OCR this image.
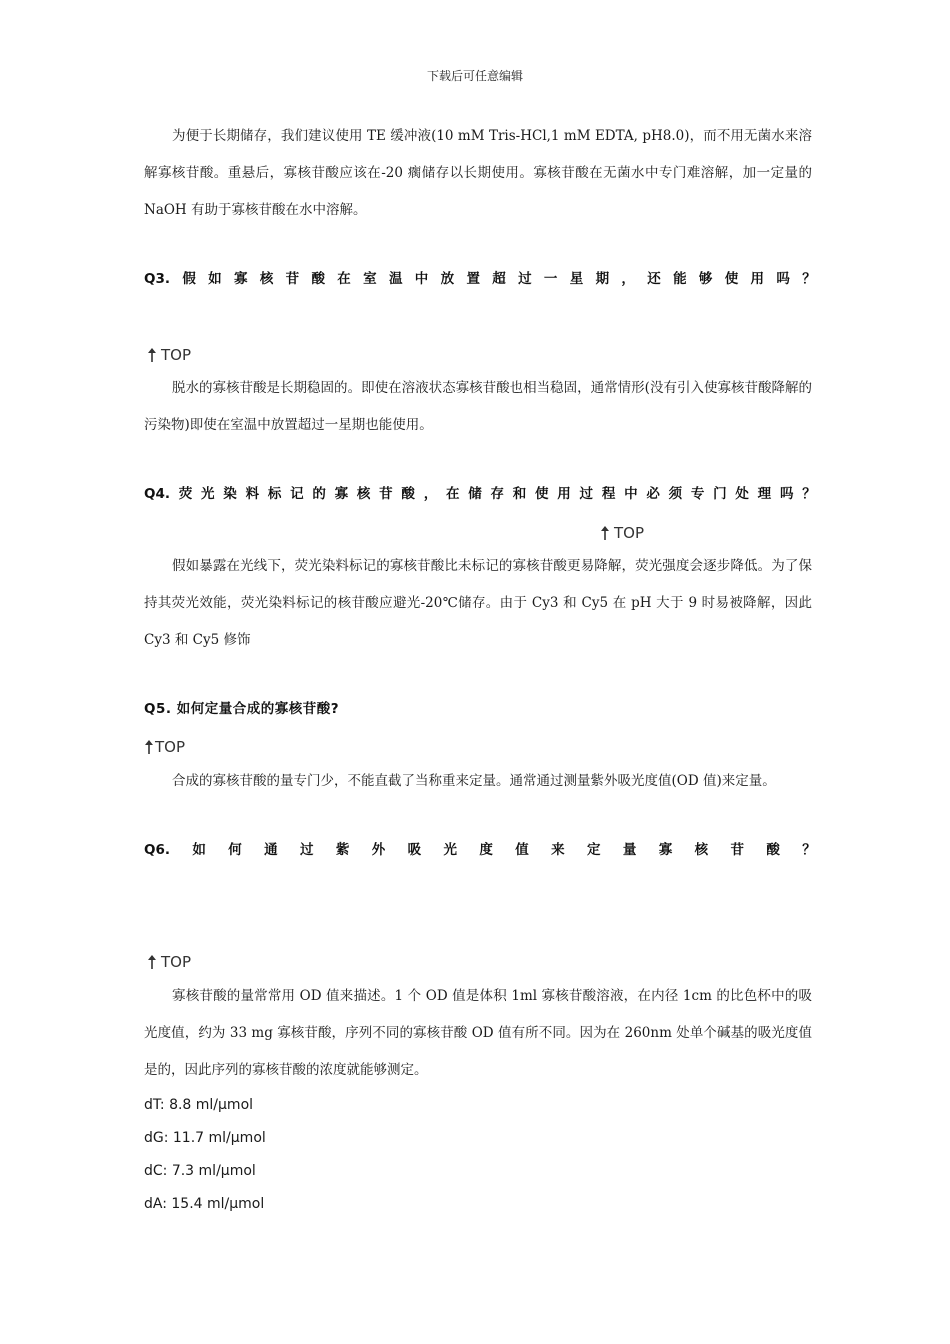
下载后可任意编辑
为便于长期储存，我们建议使用 TE 缓冲液(10 mM Tris-HCl,1 mM EDTA, pH8.0)，而不用无菌水来溶解寡核苷酸。重悬后，寡核苷酸应该在-20 瘸储存以长期使用。寡核苷酸在无菌水中专门难溶解，加一定量的 NaOH 有助于寡核苷酸在水中溶解。
Q3. 假 如 寡 核 苷 酸 在 室 温 中 放 置 超 过 一 星 期 ， 还 能 够 使 用 吗 ？
TOP
脱水的寡核苷酸是长期稳固的。即使在溶液状态寡核苷酸也相当稳固，通常情形(没有引入使寡核苷酸降解的污染物)即使在室温中放置超过一星期也能使用。
Q4. 荧 光 染 料 标 记 的 寡 核 苷 酸 ， 在 储 存 和 使 用 过 程 中 必 须 专 门 处 理 吗 ？
TOP
假如暴露在光线下，荧光染料标记的寡核苷酸比未标记的寡核苷酸更易降解，荧光强度会逐步降低。为了保持其荧光效能，荧光染料标记的核苷酸应避光-20℃储存。由于 Cy3 和 Cy5 在 pH 大于 9 时易被降解，因此 Cy3 和 Cy5 修饰
Q5. 如何定量合成的寡核苷酸?
TOP
合成的寡核苷酸的量专门少，不能直截了当称重来定量。通常通过测量紫外吸光度值(OD 值)来定量。
Q6. 如 何 通 过 紫 外 吸 光 度 值 来 定 量 寡 核 苷 酸 ？
TOP
寡核苷酸的量常常用 OD 值来描述。1 个 OD 值是体积 1ml 寡核苷酸溶液，在内径 1cm 的比色杯中的吸光度值，约为 33 mg 寡核苷酸，序列不同的寡核苷酸 OD 值有所不同。因为在 260nm 处单个碱基的吸光度值是的，因此序列的寡核苷酸的浓度就能够测定。
dT: 8.8 ml/μmol
dG: 11.7 ml/μmol
dC: 7.3 ml/μmol
dA: 15.4 ml/μmol
